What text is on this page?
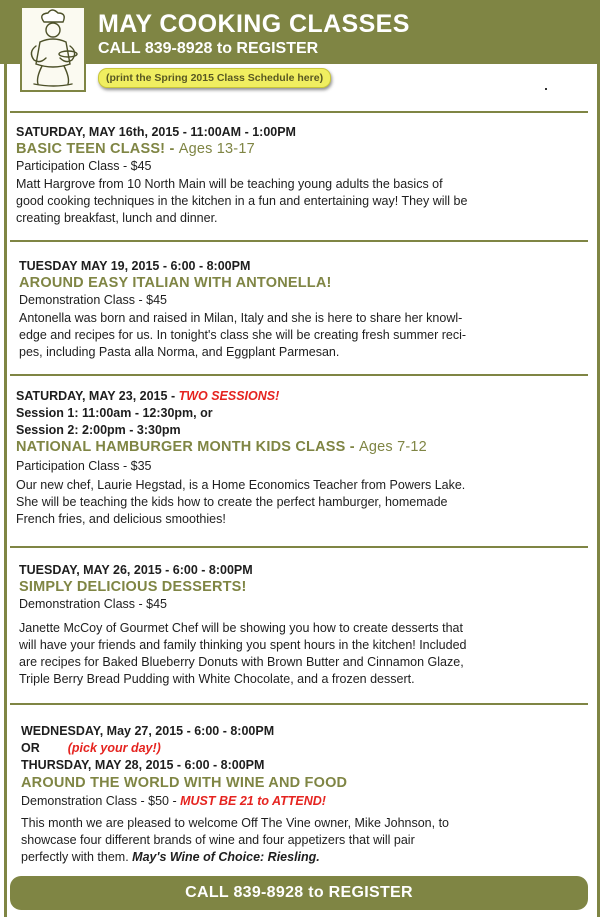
MAY COOKING CLASSES
CALL 839-8928 to REGISTER
(print the Spring 2015 Class Schedule here)
SATURDAY, MAY 16th, 2015 - 11:00AM - 1:00PM
BASIC TEEN CLASS! - Ages 13-17
Participation Class - $45
Matt Hargrove from 10 North Main will be teaching young adults the basics of
good cooking techniques in the kitchen in a fun and entertaining way! They will be
creating breakfast, lunch and dinner.
TUESDAY MAY 19, 2015 - 6:00 - 8:00PM
AROUND EASY ITALIAN WITH ANTONELLA!
Demonstration Class - $45
Antonella was born and raised in Milan, Italy and she is here to share her knowl-
edge and recipes for us. In tonight's class she will be creating fresh summer reci-
pes, including Pasta alla Norma, and Eggplant Parmesan.
SATURDAY, MAY 23, 2015 - TWO SESSIONS!
Session 1: 11:00am - 12:30pm, or
Session 2: 2:00pm - 3:30pm
NATIONAL HAMBURGER MONTH KIDS CLASS - Ages 7-12
Participation Class - $35
Our new chef, Laurie Hegstad, is a Home Economics Teacher from Powers Lake.
She will be teaching the kids how to create the perfect hamburger, homemade
French fries, and delicious smoothies!
TUESDAY, MAY 26, 2015 - 6:00 - 8:00PM
SIMPLY DELICIOUS DESSERTS!
Demonstration Class - $45
Janette McCoy of Gourmet Chef will be showing you how to create desserts that
will have your friends and family thinking you spent hours in the kitchen! Included
are recipes for Baked Blueberry Donuts with Brown Butter and Cinnamon Glaze,
Triple Berry Bread Pudding with White Chocolate, and a frozen dessert.
WEDNESDAY, May 27, 2015 - 6:00 - 8:00PM
OR (pick your day!)
THURSDAY, MAY 28, 2015 - 6:00 - 8:00PM
AROUND THE WORLD WITH WINE AND FOOD
Demonstration Class - $50 - MUST BE 21 to ATTEND!
This month we are pleased to welcome Off The Vine owner, Mike Johnson, to
showcase four different brands of wine and four appetizers that will pair
perfectly with them. May's Wine of Choice: Riesling.
CALL 839-8928 to REGISTER
